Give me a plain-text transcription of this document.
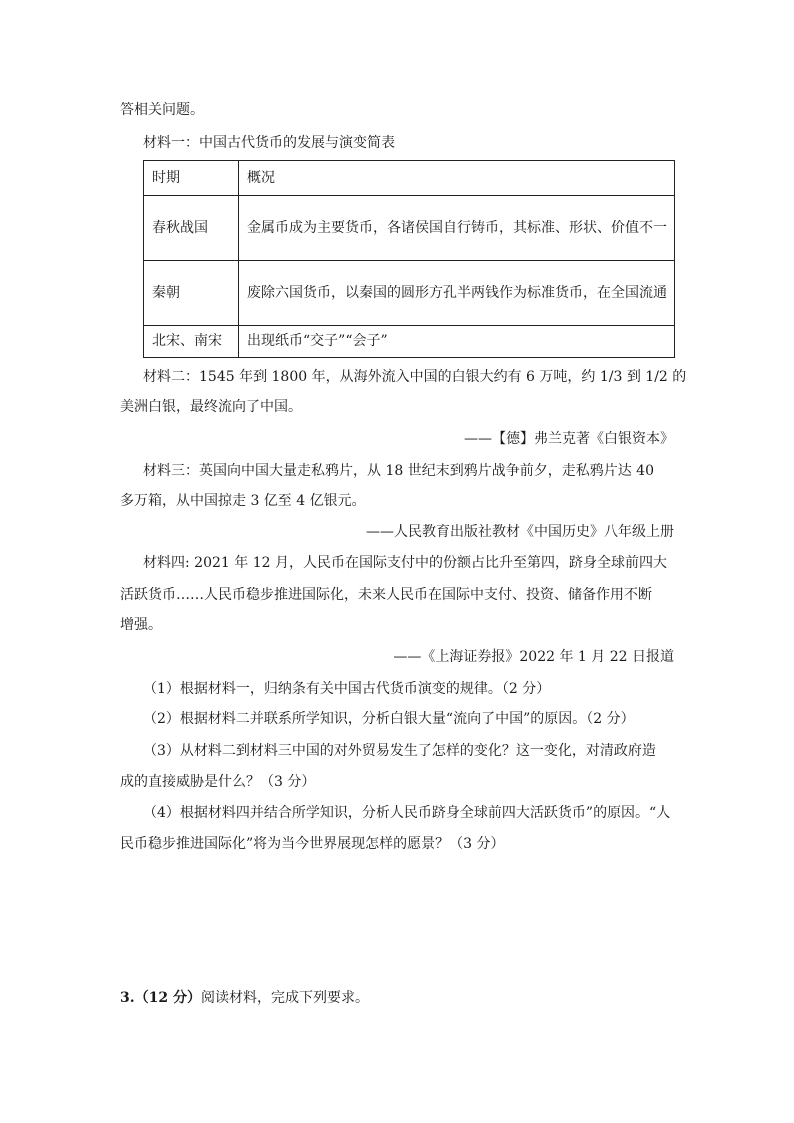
答相关问题。
材料一：中国古代货币的发展与演变简表
时期	概况
春秋战国	金属币成为主要货币，各诸侯国自行铸币，其标准、形状、价值不一

秦朝	废除六国货币，以秦国的圆形方孔半两钱作为标准货币，在全国流通

北宋、南宋	出现纸币“交子”“会子”
材料二：1545 年到 1800 年，从海外流入中国的白银大约有 6 万吨，约 1/3 到 1/2 的
美洲白银，最终流向了中国。
——【德】弗兰克著《白银资本》
材料三：英国向中国大量走私鸦片，从 18 世纪末到鸦片战争前夕，走私鸦片达 40
多万箱，从中国掠走 3 亿至 4 亿银元。
——人民教育出版社教材《中国历史》八年级上册
材料四: 2021 年 12 月，人民币在国际支付中的份额占比升至第四，跻身全球前四大
活跃货币……人民币稳步推进国际化，未来人民币在国际中支付、投资、储备作用不断
增强。
——《上海证券报》2022 年 1 月 22 日报道
（1）根据材料一，归纳条有关中国古代货币演变的规律。（2 分）
（2）根据材料二并联系所学知识，分析白银大量“流向了中国”的原因。（2 分）
（3）从材料二到材料三中国的对外贸易发生了怎样的变化？这一变化，对清政府造
成的直接威胁是什么？（3 分）
（4）根据材料四并结合所学知识，分析人民币跻身全球前四大活跃货币”的原因。“人
民币稳步推进国际化”将为当今世界展现怎样的愿景？（3 分）
3.（12 分）阅读材料，完成下列要求。
